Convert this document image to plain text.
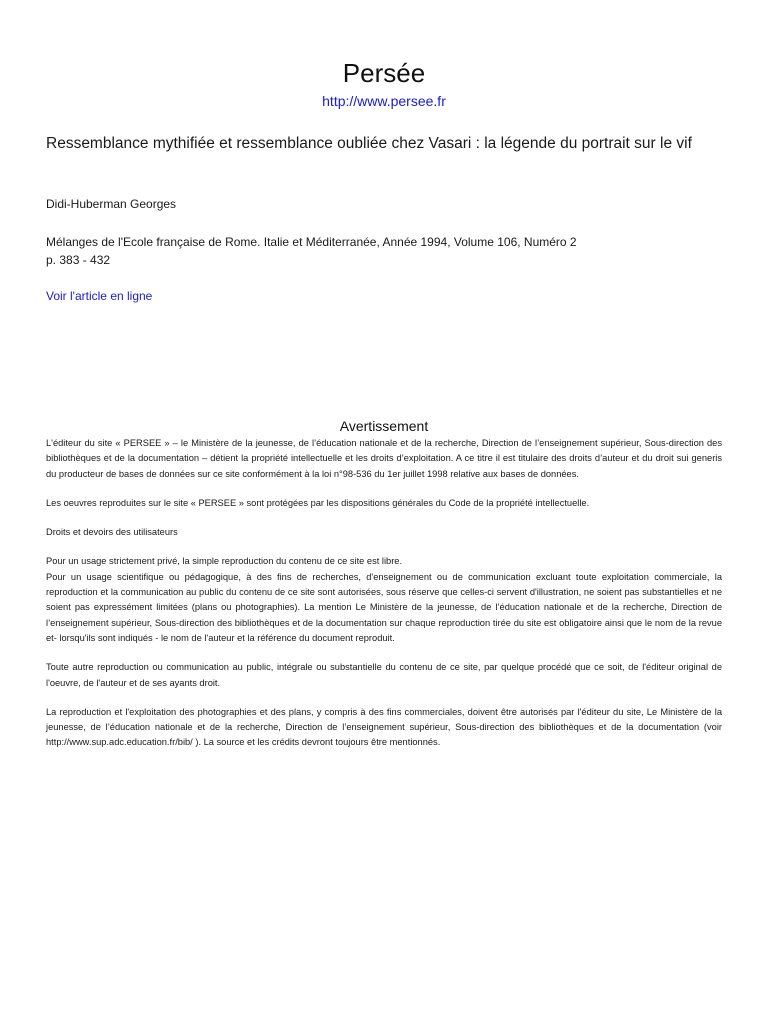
Persée
http://www.persee.fr
Ressemblance mythifiée et ressemblance oubliée chez Vasari : la légende du portrait sur le vif
Didi-Huberman Georges
Mélanges de l'Ecole française de Rome. Italie et Méditerranée, Année 1994, Volume 106, Numéro 2
p. 383 - 432
Voir l'article en ligne
Avertissement

L'éditeur du site « PERSEE » – le Ministère de la jeunesse, de l’éducation nationale et de la recherche, Direction de l’enseignement supérieur, Sous-direction des bibliothèques et de la documentation – détient la propriété intellectuelle et les droits d’exploitation. A ce titre il est titulaire des droits d’auteur et du droit sui generis du producteur de bases de données sur ce site conformément à la loi n°98-536 du 1er juillet 1998 relative aux bases de données.

Les oeuvres reproduites sur le site « PERSEE » sont protégées par les dispositions générales du Code de la propriété intellectuelle.

Droits et devoirs des utilisateurs

Pour un usage strictement privé, la simple reproduction du contenu de ce site est libre.

Pour un usage scientifique ou pédagogique, à des fins de recherches, d'enseignement ou de communication excluant toute exploitation commerciale, la reproduction et la communication au public du contenu de ce site sont autorisées, sous réserve que celles-ci servent d'illustration, ne soient pas substantielles et ne soient pas expressément limitées (plans ou photographies). La mention Le Ministère de la jeunesse, de l’éducation nationale et de la recherche, Direction de l’enseignement supérieur, Sous-direction des bibliothèques et de la documentation sur chaque reproduction tirée du site est obligatoire ainsi que le nom de la revue et- lorsqu'ils sont indiqués - le nom de l'auteur et la référence du document reproduit.

Toute autre reproduction ou communication au public, intégrale ou substantielle du contenu de ce site, par quelque procédé que ce soit, de l'éditeur original de l'oeuvre, de l'auteur et de ses ayants droit.

La reproduction et l'exploitation des photographies et des plans, y compris à des fins commerciales, doivent être autorisés par l'éditeur du site, Le Ministère de la jeunesse, de l’éducation nationale et de la recherche, Direction de l’enseignement supérieur, Sous-direction des bibliothèques et de la documentation (voir http://www.sup.adc.education.fr/bib/ ). La source et les crédits devront toujours être mentionnés.
